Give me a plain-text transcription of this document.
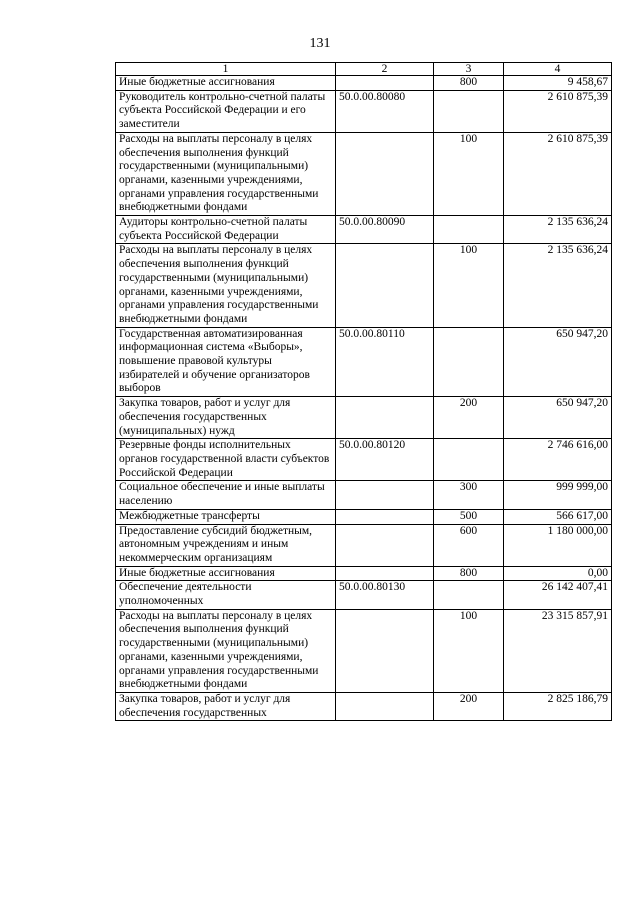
131
1	2	3	4
Иные бюджетные ассигнования		800	9 458,67
Руководитель контрольно-счетной палаты субъекта Российской Федерации и его заместители	50.0.00.80080		2 610 875,39
Расходы на выплаты персоналу в целях обеспечения выполнения функций государственными (муниципальными) органами, казенными учреждениями, органами управления государственными внебюджетными фондами		100	2 610 875,39
Аудиторы контрольно-счетной палаты субъекта Российской Федерации	50.0.00.80090		2 135 636,24
Расходы на выплаты персоналу в целях обеспечения выполнения функций государственными (муниципальными) органами, казенными учреждениями, органами управления государственными внебюджетными фондами		100	2 135 636,24
Государственная автоматизированная информационная система «Выборы», повышение правовой культуры избирателей и обучение организаторов выборов	50.0.00.80110		650 947,20
Закупка товаров, работ и услуг для обеспечения государственных (муниципальных) нужд		200	650 947,20
Резервные фонды исполнительных органов государственной власти субъектов Российской Федерации	50.0.00.80120		2 746 616,00
Социальное обеспечение и иные выплаты населению		300	999 999,00
Межбюджетные трансферты		500	566 617,00
Предоставление субсидий бюджетным, автономным учреждениям и иным некоммерческим организациям		600	1 180 000,00
Иные бюджетные ассигнования		800	0,00
Обеспечение деятельности уполномоченных	50.0.00.80130		26 142 407,41
Расходы на выплаты персоналу в целях обеспечения выполнения функций государственными (муниципальными) органами, казенными учреждениями, органами управления государственными внебюджетными фондами		100	23 315 857,91
Закупка товаров, работ и услуг для обеспечения государственных		200	2 825 186,79
